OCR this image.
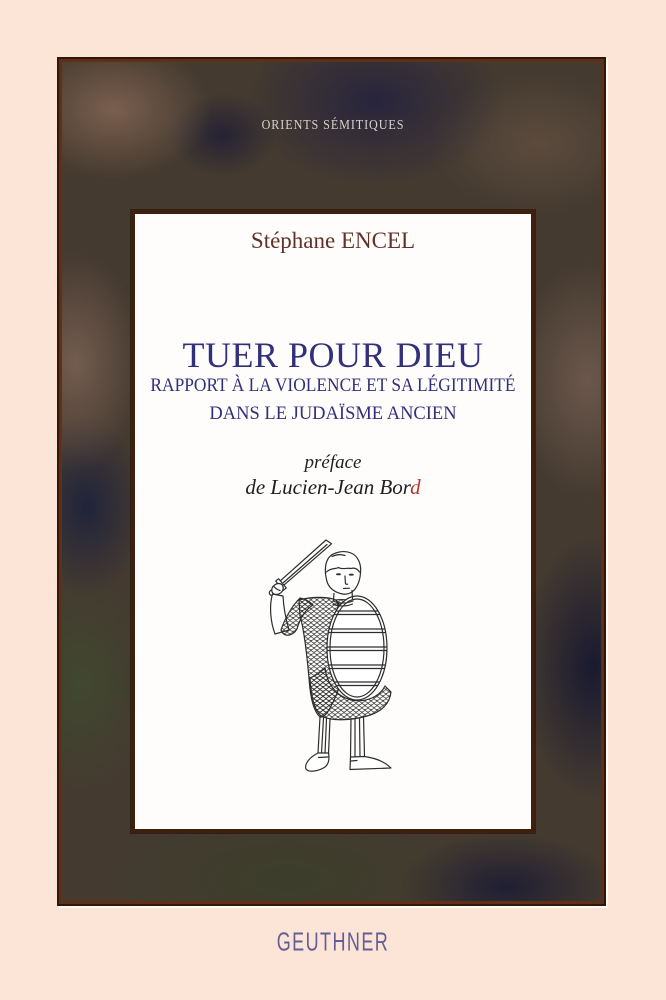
ORIENTS SÉMITIQUES
Stéphane ENCEL
TUER POUR DIEU
RAPPORT À LA VIOLENCE ET SA LÉGITIMITÉ
DANS LE JUDAÏSME ANCIEN
préface
de Lucien-Jean Bord
GEUTHNER
